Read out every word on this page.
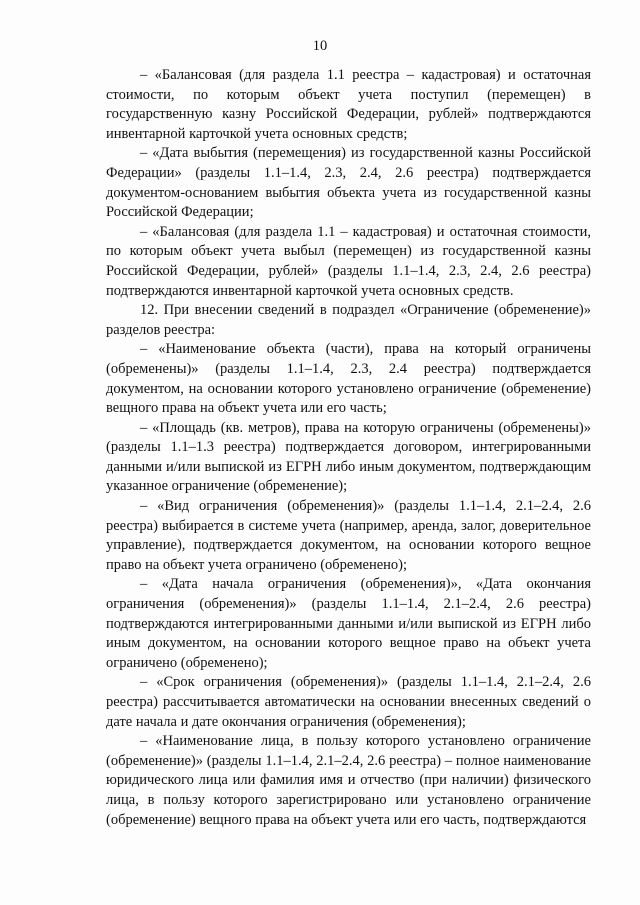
10

– «Балансовая (для раздела 1.1 реестра – кадастровая) и остаточная стоимости, по которым объект учета поступил (перемещен) в государственную казну Российской Федерации, рублей» подтверждаются инвентарной карточкой учета основных средств;

– «Дата выбытия (перемещения) из государственной казны Российской Федерации» (разделы 1.1–1.4, 2.3, 2.4, 2.6 реестра) подтверждается документом-основанием выбытия объекта учета из государственной казны Российской Федерации;

– «Балансовая (для раздела 1.1 – кадастровая) и остаточная стоимости, по которым объект учета выбыл (перемещен) из государственной казны Российской Федерации, рублей» (разделы 1.1–1.4, 2.3, 2.4, 2.6 реестра) подтверждаются инвентарной карточкой учета основных средств.

12. При внесении сведений в подраздел «Ограничение (обременение)» разделов реестра:

– «Наименование объекта (части), права на который ограничены (обременены)» (разделы 1.1–1.4, 2.3, 2.4 реестра) подтверждается документом, на основании которого установлено ограничение (обременение) вещного права на объект учета или его часть;

– «Площадь (кв. метров), права на которую ограничены (обременены)» (разделы 1.1–1.3 реестра) подтверждается договором, интегрированными данными и/или выпиской из ЕГРН либо иным документом, подтверждающим указанное ограничение (обременение);

– «Вид ограничения (обременения)» (разделы 1.1–1.4, 2.1–2.4, 2.6 реестра) выбирается в системе учета (например, аренда, залог, доверительное управление), подтверждается документом, на основании которого вещное право на объект учета ограничено (обременено);

– «Дата начала ограничения (обременения)», «Дата окончания ограничения (обременения)» (разделы 1.1–1.4, 2.1–2.4, 2.6 реестра) подтверждаются интегрированными данными и/или выпиской из ЕГРН либо иным документом, на основании которого вещное право на объект учета ограничено (обременено);

– «Срок ограничения (обременения)» (разделы 1.1–1.4, 2.1–2.4, 2.6 реестра) рассчитывается автоматически на основании внесенных сведений о дате начала и дате окончания ограничения (обременения);

– «Наименование лица, в пользу которого установлено ограничение (обременение)» (разделы 1.1–1.4, 2.1–2.4, 2.6 реестра) – полное наименование юридического лица или фамилия имя и отчество (при наличии) физического лица, в пользу которого зарегистрировано или установлено ограничение (обременение) вещного права на объект учета или его часть, подтверждаются
